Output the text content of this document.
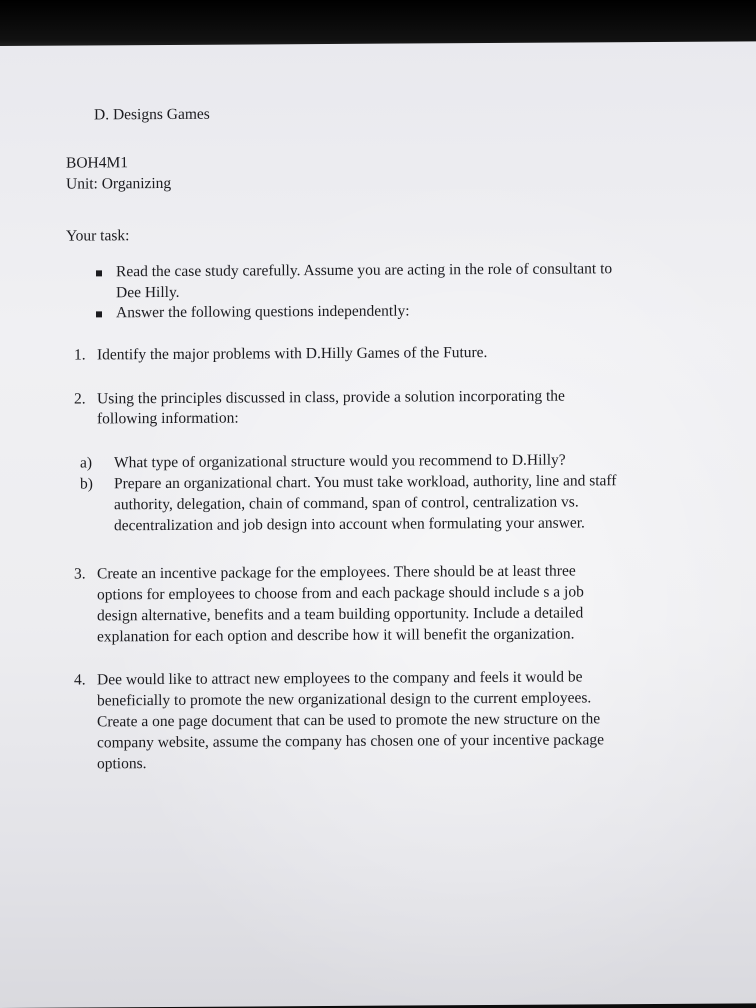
D. Designs Games
BOH4M1
Unit: Organizing
Your task:
Read the case study carefully. Assume you are acting in the role of consultant to
Dee Hilly.
Answer the following questions independently:
1. Identify the major problems with D.Hilly Games of the Future.
2. Using the principles discussed in class, provide a solution incorporating the
following information:
a) What type of organizational structure would you recommend to D.Hilly?
b) Prepare an organizational chart. You must take workload, authority, line and staff
authority, delegation, chain of command, span of control, centralization vs.
decentralization and job design into account when formulating your answer.
3. Create an incentive package for the employees. There should be at least three
options for employees to choose from and each package should include s a job
design alternative, benefits and a team building opportunity. Include a detailed
explanation for each option and describe how it will benefit the organization.
4. Dee would like to attract new employees to the company and feels it would be
beneficially to promote the new organizational design to the current employees.
Create a one page document that can be used to promote the new structure on the
company website, assume the company has chosen one of your incentive package
options.
